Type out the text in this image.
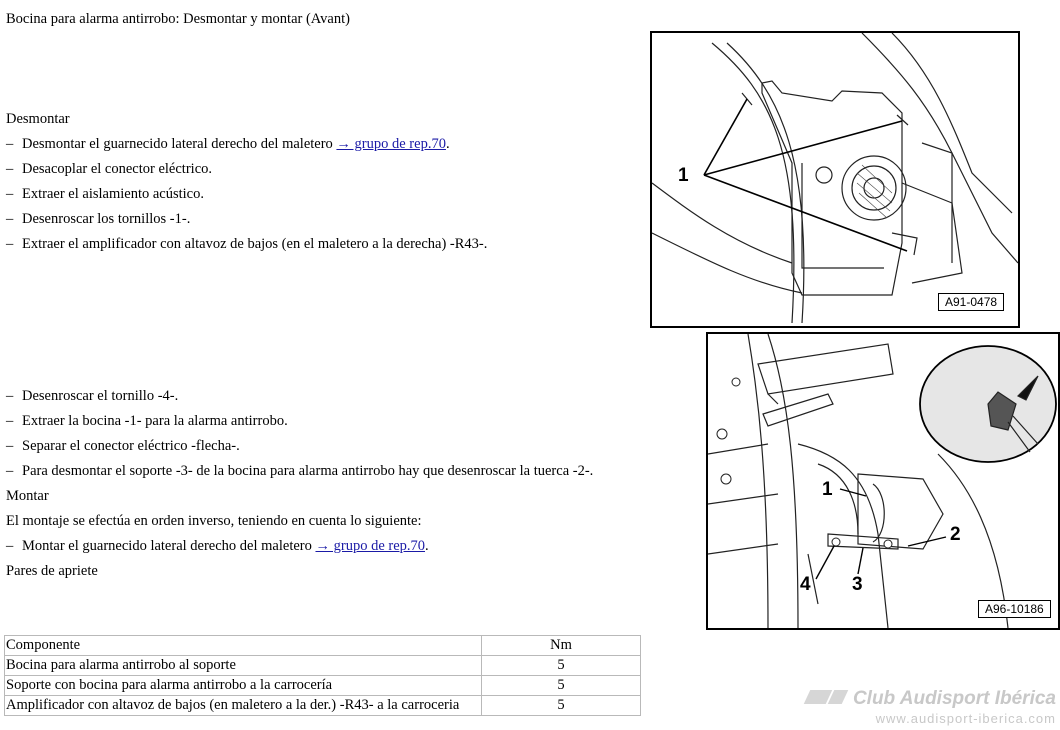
Bocina para alarma antirrobo: Desmontar y montar (Avant)
Desmontar
– Desmontar el guarnecido lateral derecho del maletero → grupo de rep.70.
– Desacoplar el conector eléctrico.
– Extraer el aislamiento acústico.
– Desenroscar los tornillos -1-.
– Extraer el amplificador con altavoz de bajos (en el maletero a la derecha) -R43-.
– Desenroscar el tornillo -4-.
– Extraer la bocina -1- para la alarma antirrobo.
– Separar el conector eléctrico -flecha-.
– Para desmontar el soporte -3- de la bocina para alarma antirrobo hay que desenroscar la tuerca -2-.
Montar
El montaje se efectúa en orden inverso, teniendo en cuenta lo siguiente:
– Montar el guarnecido lateral derecho del maletero → grupo de rep.70.
Pares de apriete
Componente	Nm
Bocina para alarma antirrobo al soporte	5
Soporte con bocina para alarma antirrobo a la carrocería	5
Amplificador con altavoz de bajos (en maletero a la der.) -R43- a la carroceria	5
1
A91-0478
1
2
3
4
A96-10186
Club Audisport Ibérica
www.audisport-iberica.com
